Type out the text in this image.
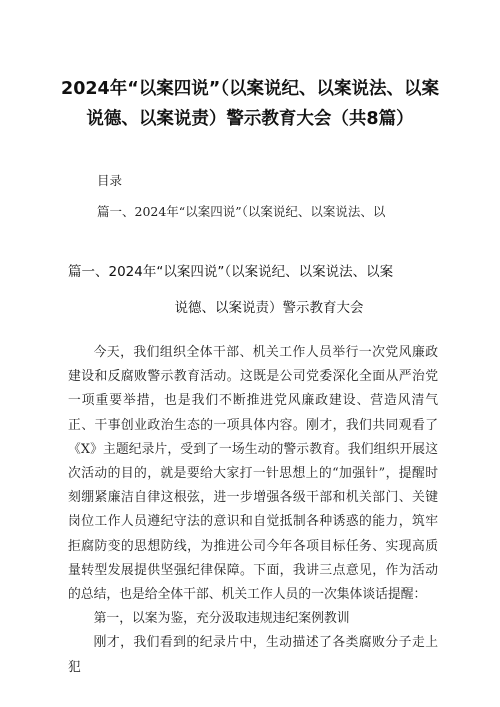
2024年“以案四说”（以案说纪、以案说法、以案说德、以案说责）警示教育大会（共8篇）
目录
篇一、2024年“以案四说”（以案说纪、以案说法、以
篇一、2024年“以案四说”（以案说纪、以案说法、以案
说德、以案说责）警示教育大会

今天，我们组织全体干部、机关工作人员举行一次党风廉政建设和反腐败警示教育活动。这既是公司党委深化全面从严治党一项重要举措，也是我们不断推进党风廉政建设、营造风清气正、干事创业政治生态的一项具体内容。刚才，我们共同观看了《X》主题纪录片，受到了一场生动的警示教育。我们组织开展这次活动的目的，就是要给大家打一针思想上的“加强针”，提醒时刻绷紧廉洁自律这根弦，进一步增强各级干部和机关部门、关键岗位工作人员遵纪守法的意识和自觉抵制各种诱惑的能力，筑牢拒腐防变的思想防线，为推进公司今年各项目标任务、实现高质量转型发展提供坚强纪律保障。下面，我讲三点意见，作为活动的总结，也是给全体干部、机关工作人员的一次集体谈话提醒：

第一，以案为鉴，充分汲取违规违纪案例教训

刚才，我们看到的纪录片中，生动描述了各类腐败分子走上犯
